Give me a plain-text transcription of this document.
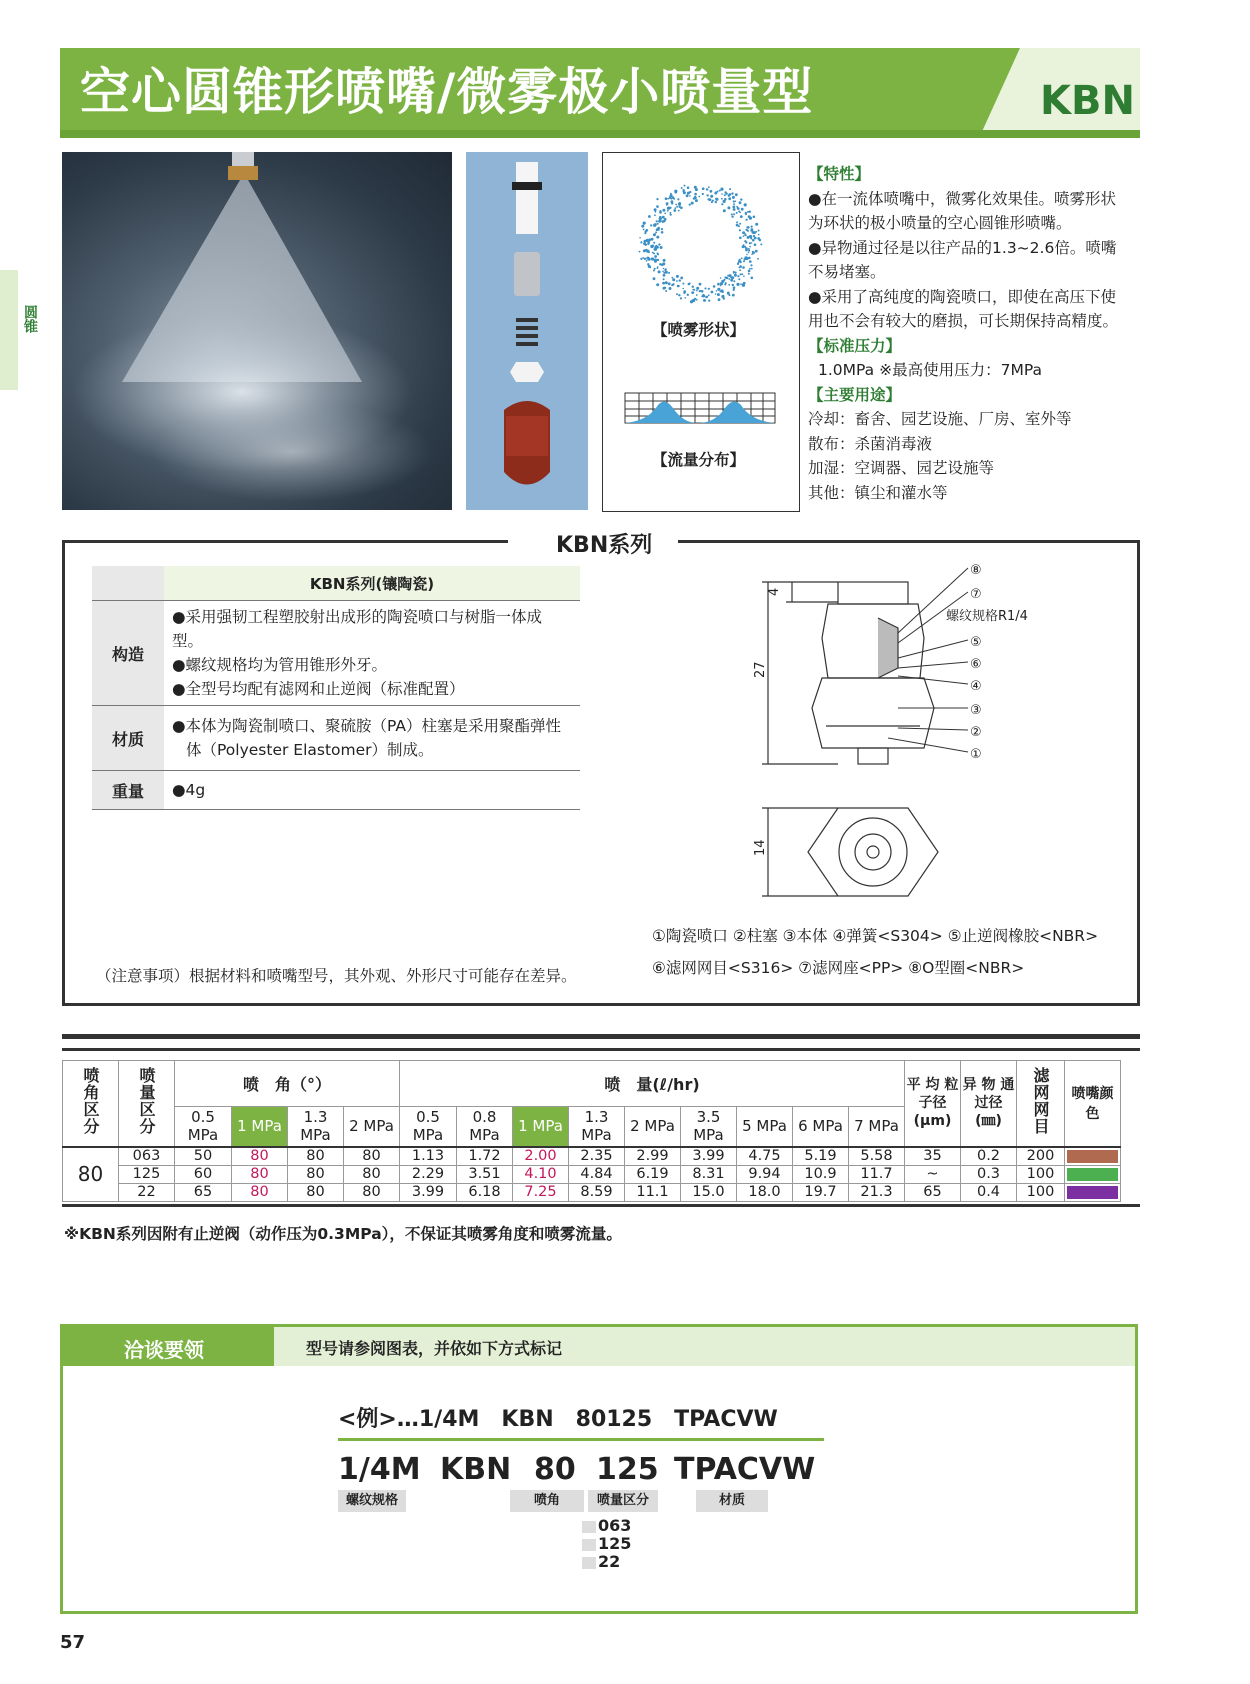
空心圆锥形喷嘴/微雾极小喷量型	KBN
圆锥	【喷雾形状】
【流量分布】
【特性】
●在一流体喷嘴中，微雾化效果佳。喷雾形状
为环状的极小喷量的空心圆锥形喷嘴。
●异物通过径是以往产品的1.3~2.6倍。喷嘴
不易堵塞。
●采用了高纯度的陶瓷喷口，即使在高压下使
用也不会有较大的磨损，可长期保持高精度。
【标准压力】
1.0MPa ※最高使用压力：7MPa
【主要用途】
冷却：畜舍、园艺设施、厂房、室外等
散布：杀菌消毒液
加湿：空调器、园艺设施等
其他：镇尘和灌水等
KBN系列
	KBN系列(镶陶瓷)
构造	●采用强韧工程塑胶射出成形的陶瓷喷口与树脂一体成型。
●螺纹规格均为管用锥形外牙。
●全型号均配有滤网和止逆阀（标准配置）

材质	●本体为陶瓷制喷口、聚硫胺（PA）柱塞是采用聚酯弹性
体（Polyester Elastomer）制成。

重量	●4g
⑧
⑦
⑤
⑥
④
③
②
①
螺纹规格R1/4
4
27
14
（注意事项）根据材料和喷嘴型号，其外观、外形尺寸可能存在差异。
①陶瓷喷口 ②柱塞 ③本体 ④弹簧<S304> ⑤止逆阀橡胶<NBR>
⑥滤网网目<S316> ⑦滤网座<PP> ⑧O型圈<NBR>
喷角区分	喷量区分	喷　角（°）				喷　量(ℓ/hr)									平 均 粒子径 (μm)	异 物 通过径 (㎜)	滤网网目	喷嘴颜色
		0.5 MPa	1 MPa	1.3 MPa	2 MPa	0.5 MPa	0.8 MPa	1 MPa	1.3 MPa	2 MPa	3.5 MPa	5 MPa	6 MPa	7 MPa				
80	063	50	80	80	80	1.13	1.72	2.00	2.35	2.99	3.99	4.75	5.19	5.58	35	0.2	200	

	125	60	80	80	80	2.29	3.51	4.10	4.84	6.19	8.31	9.94	10.9	11.7	~	0.3	100	

	22	65	80	80	80	3.99	6.18	7.25	8.59	11.1	15.0	18.0	19.7	21.3	65	0.4	100	
※KBN系列因附有止逆阀（动作压为0.3MPa），不保证其喷雾角度和喷雾流量。
洽谈要领	型号请参阅图表，并依如下方式标记
<例>…1/4M　KBN　80125　TPACVW
1/4M KBN 80 125 TPACVW
螺纹规格	喷角	喷量区分	材质
063
125
22
57
